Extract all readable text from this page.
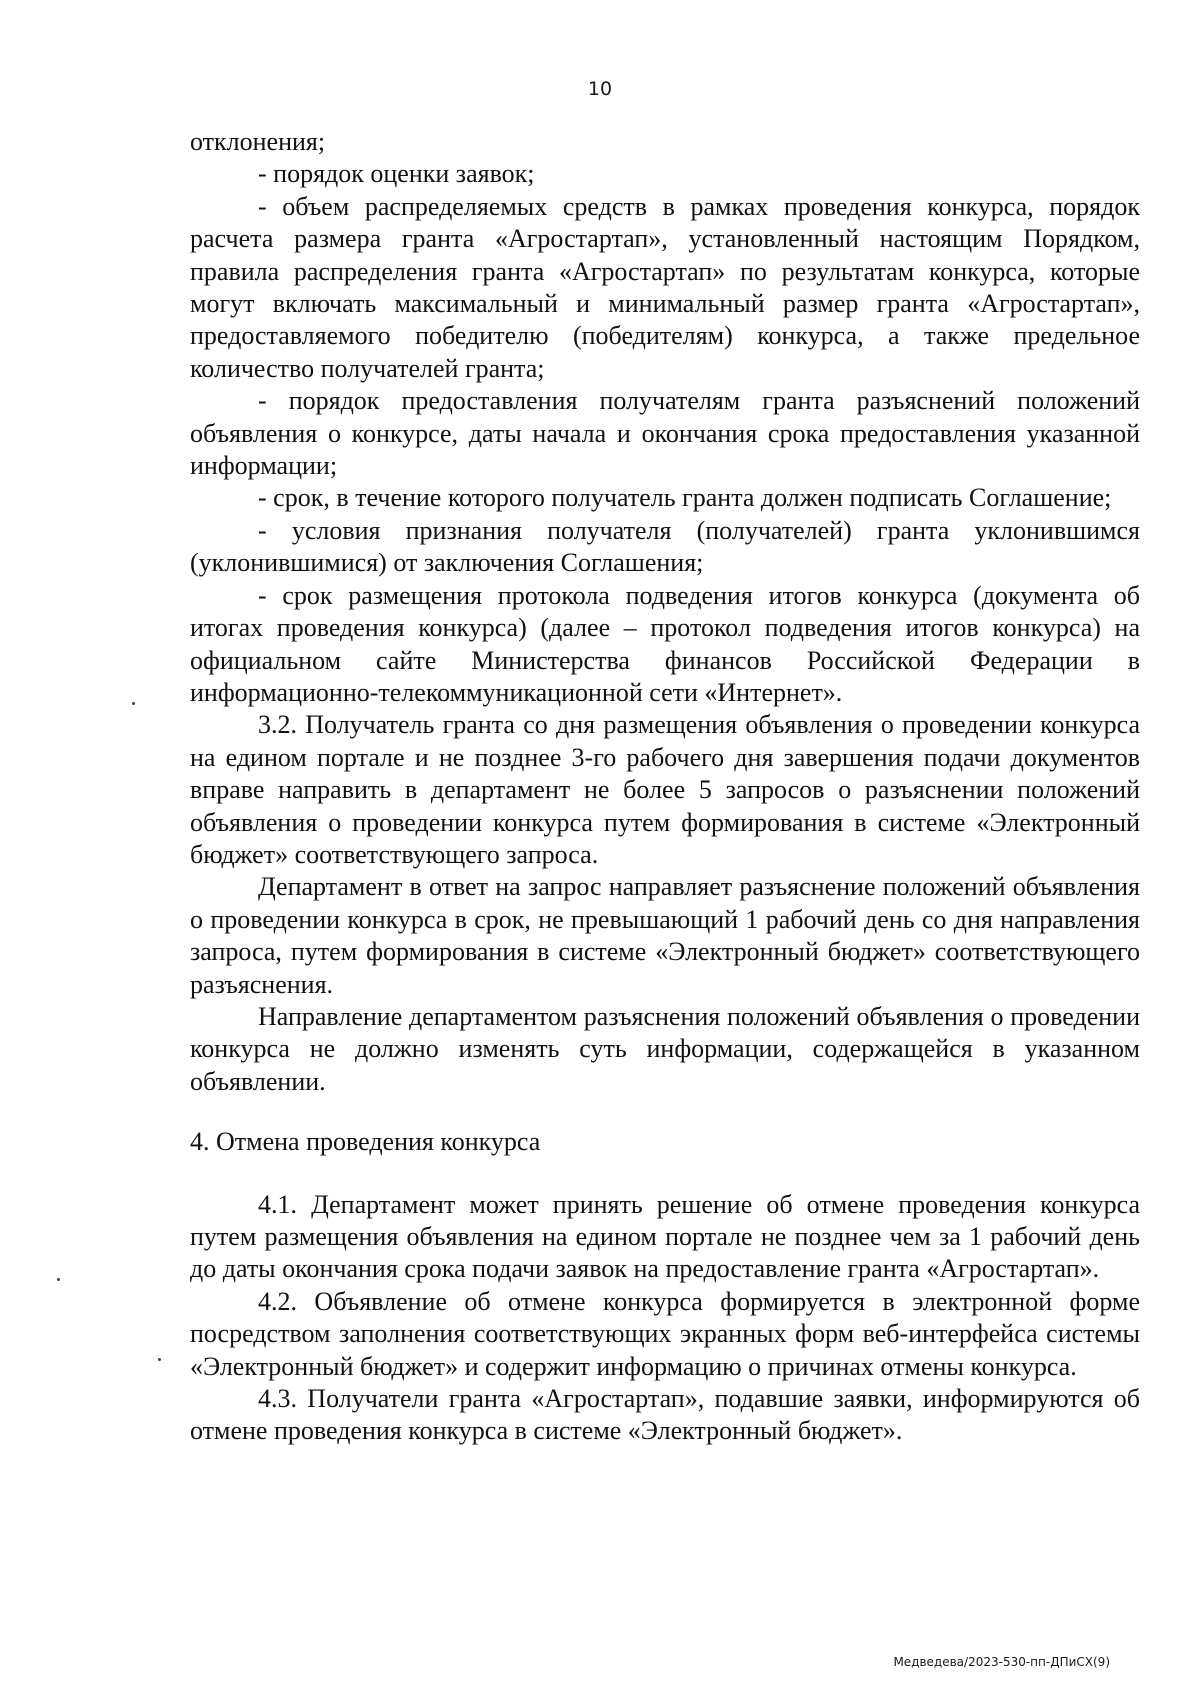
10

отклонения;

- порядок оценки заявок;

- объем распределяемых средств в рамках проведения конкурса, порядок расчета размера гранта «Агростартап», установленный настоящим Порядком, правила распределения гранта «Агростартап» по результатам конкурса, которые могут включать максимальный и минимальный размер гранта «Агростартап», предоставляемого победителю (победителям) конкурса, а также предельное количество получателей гранта;

- порядок предоставления получателям гранта разъяснений положений объявления о конкурсе, даты начала и окончания срока предоставления указанной информации;

- срок, в течение которого получатель гранта должен подписать Соглашение;

- условия признания получателя (получателей) гранта уклонившимся (уклонившимися) от заключения Соглашения;

- срок размещения протокола подведения итогов конкурса (документа об итогах проведения конкурса) (далее – протокол подведения итогов конкурса) на официальном сайте Министерства финансов Российской Федерации в информационно-телекоммуникационной сети «Интернет».

3.2. Получатель гранта со дня размещения объявления о проведении конкурса на едином портале и не позднее 3-го рабочего дня завершения подачи документов вправе направить в департамент не более 5 запросов о разъяснении положений объявления о проведении конкурса путем формирования в системе «Электронный бюджет» соответствующего запроса.

Департамент в ответ на запрос направляет разъяснение положений объявления о проведении конкурса в срок, не превышающий 1 рабочий день со дня направления запроса, путем формирования в системе «Электронный бюджет» соответствующего разъяснения.

Направление департаментом разъяснения положений объявления о проведении конкурса не должно изменять суть информации, содержащейся в указанном объявлении.

4. Отмена проведения конкурса

4.1. Департамент может принять решение об отмене проведения конкурса путем размещения объявления на едином портале не позднее чем за 1 рабочий день до даты окончания срока подачи заявок на предоставление гранта «Агростартап».

4.2. Объявление об отмене конкурса формируется в электронной форме посредством заполнения соответствующих экранных форм веб-интерфейса системы «Электронный бюджет» и содержит информацию о причинах отмены конкурса.

4.3. Получатели гранта «Агростартап», подавшие заявки, информируются об отмене проведения конкурса в системе «Электронный бюджет».

Медведева/2023-530-пп-ДПиСХ(9)
